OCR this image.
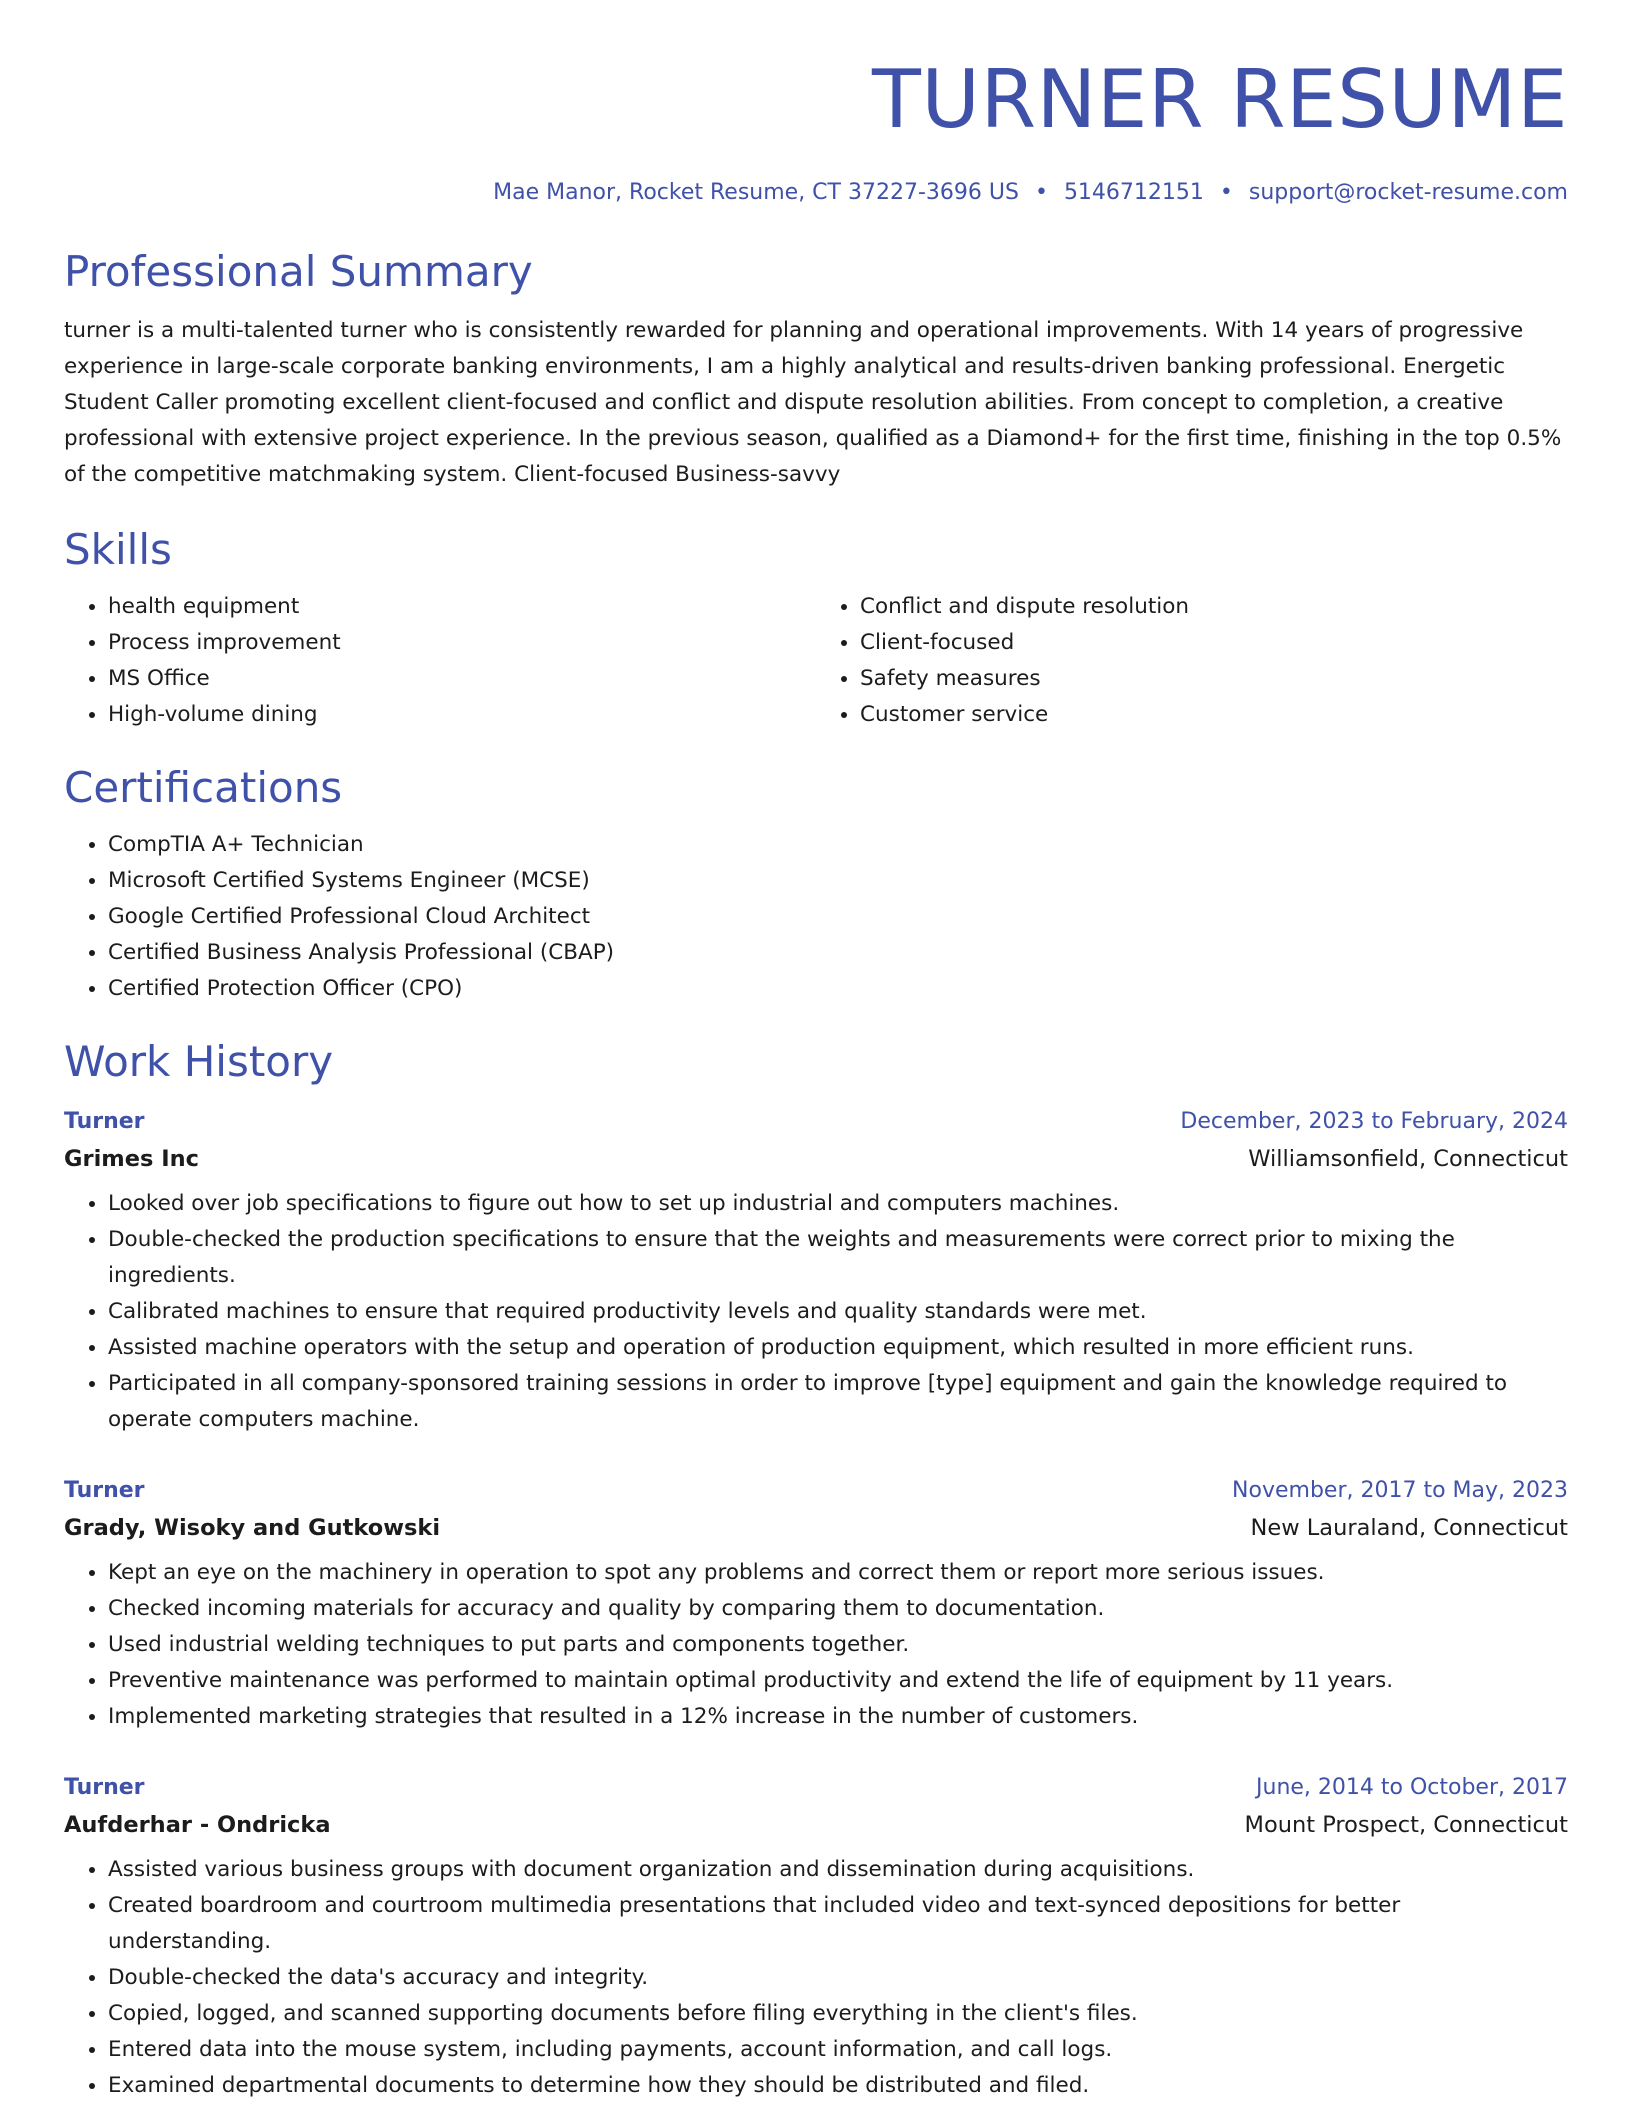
TURNER RESUME
Mae Manor, Rocket Resume, CT 37227-3696 US • 5146712151 • support@rocket-resume.com
Professional Summary
turner is a multi-talented turner who is consistently rewarded for planning and operational improvements. With 14 years of progressive experience in large-scale corporate banking environments, I am a highly analytical and results-driven banking professional. Energetic Student Caller promoting excellent client-focused and conflict and dispute resolution abilities. From concept to completion, a creative professional with extensive project experience. In the previous season, qualified as a Diamond+ for the first time, finishing in the top 0.5% of the competitive matchmaking system. Client-focused Business-savvy
Skills
• health equipment
• Process improvement
• MS Office
• High-volume dining
• Conflict and dispute resolution
• Client-focused
• Safety measures
• Customer service
Certifications
• CompTIA A+ Technician
• Microsoft Certified Systems Engineer (MCSE)
• Google Certified Professional Cloud Architect
• Certified Business Analysis Professional (CBAP)
• Certified Protection Officer (CPO)
Work History
Turner	December, 2023 to February, 2024
Grimes Inc	Williamsonfield, Connecticut
• Looked over job specifications to figure out how to set up industrial and computers machines.
• Double-checked the production specifications to ensure that the weights and measurements were correct prior to mixing the ingredients.
• Calibrated machines to ensure that required productivity levels and quality standards were met.
• Assisted machine operators with the setup and operation of production equipment, which resulted in more efficient runs.
• Participated in all company-sponsored training sessions in order to improve [type] equipment and gain the knowledge required to operate computers machine.
Turner	November, 2017 to May, 2023
Grady, Wisoky and Gutkowski	New Lauraland, Connecticut
• Kept an eye on the machinery in operation to spot any problems and correct them or report more serious issues.
• Checked incoming materials for accuracy and quality by comparing them to documentation.
• Used industrial welding techniques to put parts and components together.
• Preventive maintenance was performed to maintain optimal productivity and extend the life of equipment by 11 years.
• Implemented marketing strategies that resulted in a 12% increase in the number of customers.
Turner	June, 2014 to October, 2017
Aufderhar - Ondricka	Mount Prospect, Connecticut
• Assisted various business groups with document organization and dissemination during acquisitions.
• Created boardroom and courtroom multimedia presentations that included video and text-synced depositions for better understanding.
• Double-checked the data's accuracy and integrity.
• Copied, logged, and scanned supporting documents before filing everything in the client's files.
• Entered data into the mouse system, including payments, account information, and call logs.
• Examined departmental documents to determine how they should be distributed and filed.
